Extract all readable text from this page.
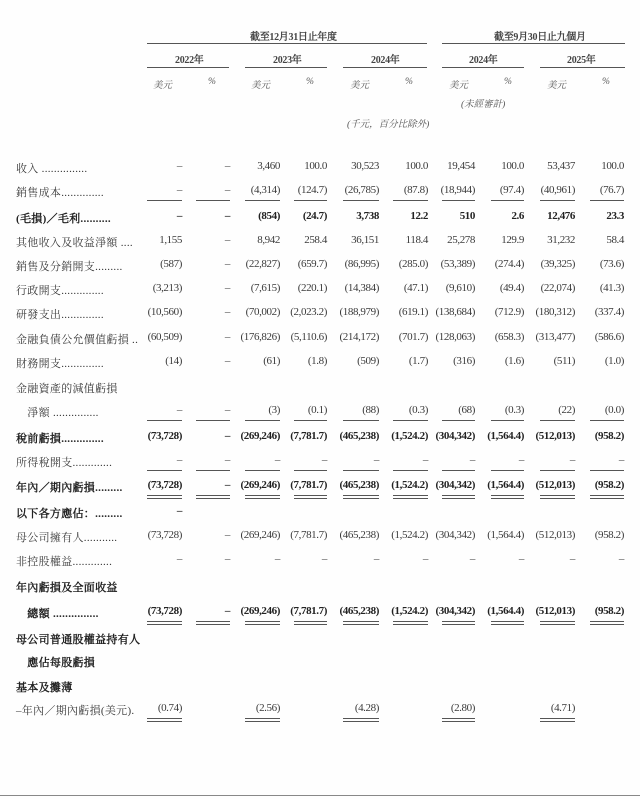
截至12月31日止年度	截至9月30日止九個月
2022年	2023年	2024年	2024年	2025年
美元	%	美元	%	美元	%	美元	%	美元	%
(未經審計)
(千元，百分比除外)
收入 ...............	–	– 3,460 100.0 30,523 100.0 19,454 100.0 53,437 100.0
銷售成本..............	–	– (4,314) (124.7) (26,785) (87.8) (18,944) (97.4) (40,961) (76.7)
(毛損)／毛利..........	–	–	(854) (24.7)	3,738	12.2	510	2.6 12,476	23.3
其他收入及收益淨額 .... 1,155	– 8,942 258.4 36,151 118.4 25,278 129.9 31,232	58.4
銷售及分銷開支.........	(587)	– (22,827) (659.7) (86,995) (285.0) (53,389) (274.4) (39,325) (73.6)
行政開支..............	(3,213)	– (7,615) (220.1) (14,384) (47.1) (9,610) (49.4) (22,074) (41.3)
研發支出..............	(10,560)	– (70,002) (2,023.2) (188,979) (619.1) (138,684) (712.9) (180,312) (337.4)
金融負債公允價值虧損 .. (60,509)	– (176,826) (5,110.6) (214,172) (701.7) (128,063) (658.3) (313,477) (586.6)
財務開支..............	(14)	–	(61)	(1.8)	(509)	(1.7) (316)	(1.6)	(511)	(1.0)
金融資產的減值虧損
　淨額 ...............	–	–	(3)	(0.1)	(88)	(0.3)	(68)	(0.3)	(22)	(0.0)
稅前虧損..............	(73,728)	– (269,246) (7,781.7) (465,238) (1,524.2) (304,342) (1,564.4) (512,013) (958.2)
所得稅開支.............	–	–	–	–	–	–	–	–	–	–
年內／期內虧損......... (73,728)	– (269,246) (7,781.7) (465,238) (1,524.2) (304,342) (1,564.4) (512,013) (958.2)
以下各方應佔：.........	–
母公司擁有人...........	(73,728)	– (269,246) (7,781.7) (465,238) (1,524.2) (304,342) (1,564.4) (512,013) (958.2)
非控股權益.............	–	–	–	–	–	–	–	–	–	–
年內虧損及全面收益
　總額 ...............	(73,728)	– (269,246) (7,781.7) (465,238) (1,524.2) (304,342) (1,564.4) (512,013) (958.2)
母公司普通股權益持有人
　應佔每股虧損
基本及攤薄
–年內／期內虧損(美元). (0.74)	(2.56)	(4.28)	(2.80)	(4.71)
